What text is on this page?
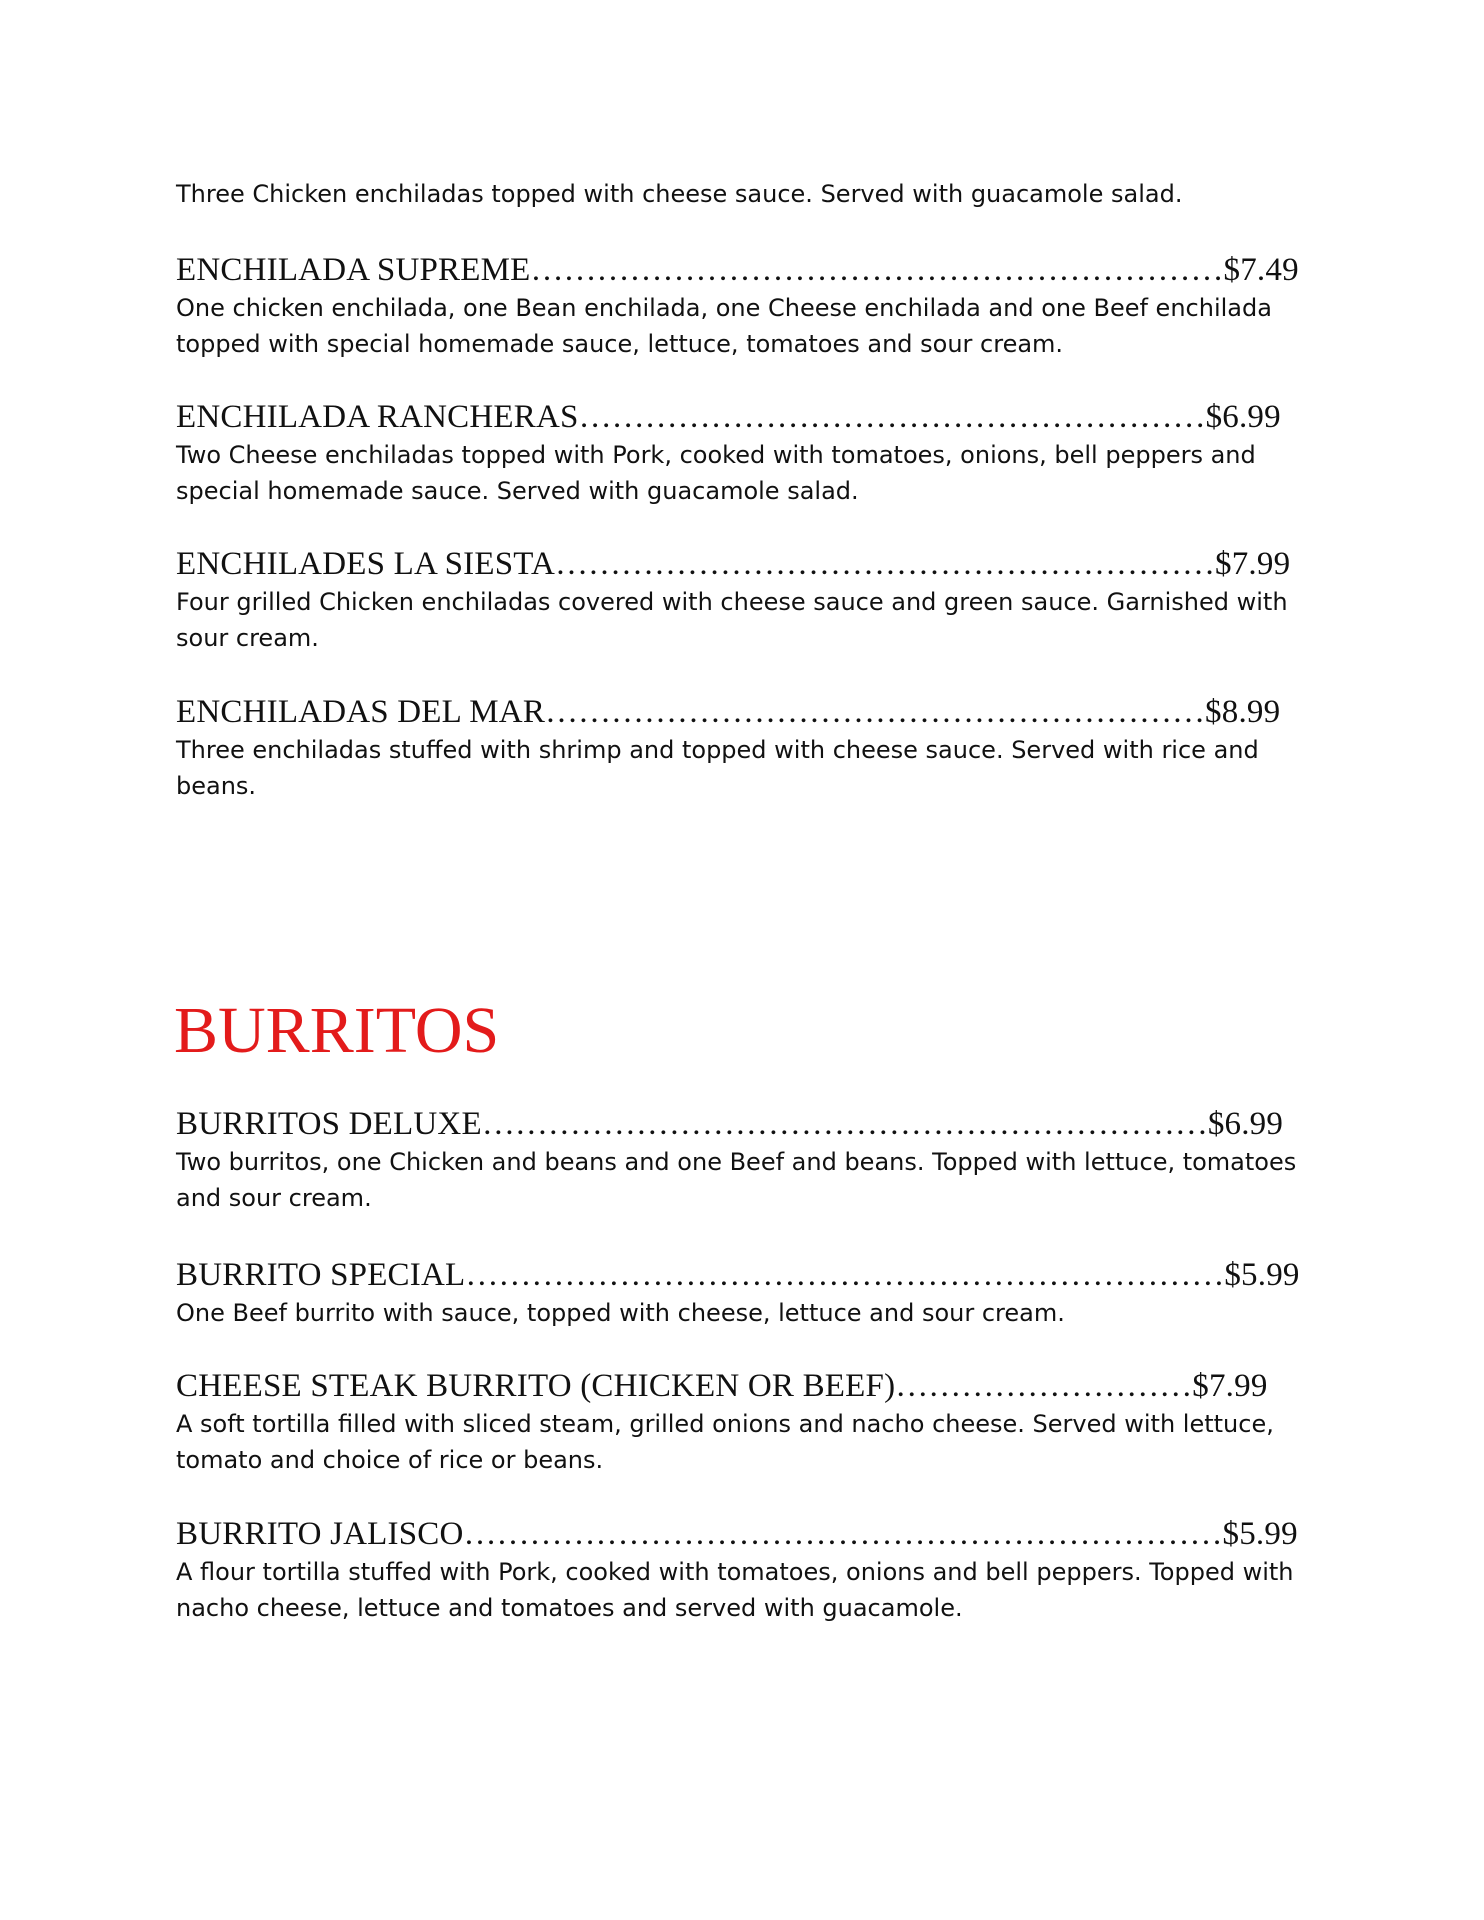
Three Chicken enchiladas topped with cheese sauce. Served with guacamole salad.

ENCHILADA SUPREME………………………………………………………$7.49

One chicken enchilada, one Bean enchilada, one Cheese enchilada and one Beef enchilada
topped with special homemade sauce, lettuce, tomatoes and sour cream.

ENCHILADA RANCHERAS…………………………………………………$6.99

Two Cheese enchiladas topped with Pork, cooked with tomatoes, onions, bell peppers and
special homemade sauce. Served with guacamole salad.

ENCHILADES LA SIESTA……………………………………………………$7.99

Four grilled Chicken enchiladas covered with cheese sauce and green sauce. Garnished with
sour cream.

ENCHILADAS DEL MAR……………………………………………………$8.99

Three enchiladas stuffed with shrimp and topped with cheese sauce. Served with rice and
beans.

BURRITOS
BURRITOS DELUXE…………………………………………………………$6.99

Two burritos, one Chicken and beans and one Beef and beans. Topped with lettuce, tomatoes
and sour cream.

BURRITO SPECIAL……………………………………………………………$5.99

One Beef burrito with sauce, topped with cheese, lettuce and sour cream.

CHEESE STEAK BURRITO (CHICKEN OR BEEF)………………………$7.99

A soft tortilla filled with sliced steam, grilled onions and nacho cheese. Served with lettuce,
tomato and choice of rice or beans.

BURRITO JALISCO……………………………………………………………$5.99

A flour tortilla stuffed with Pork, cooked with tomatoes, onions and bell peppers. Topped with
nacho cheese, lettuce and tomatoes and served with guacamole.
